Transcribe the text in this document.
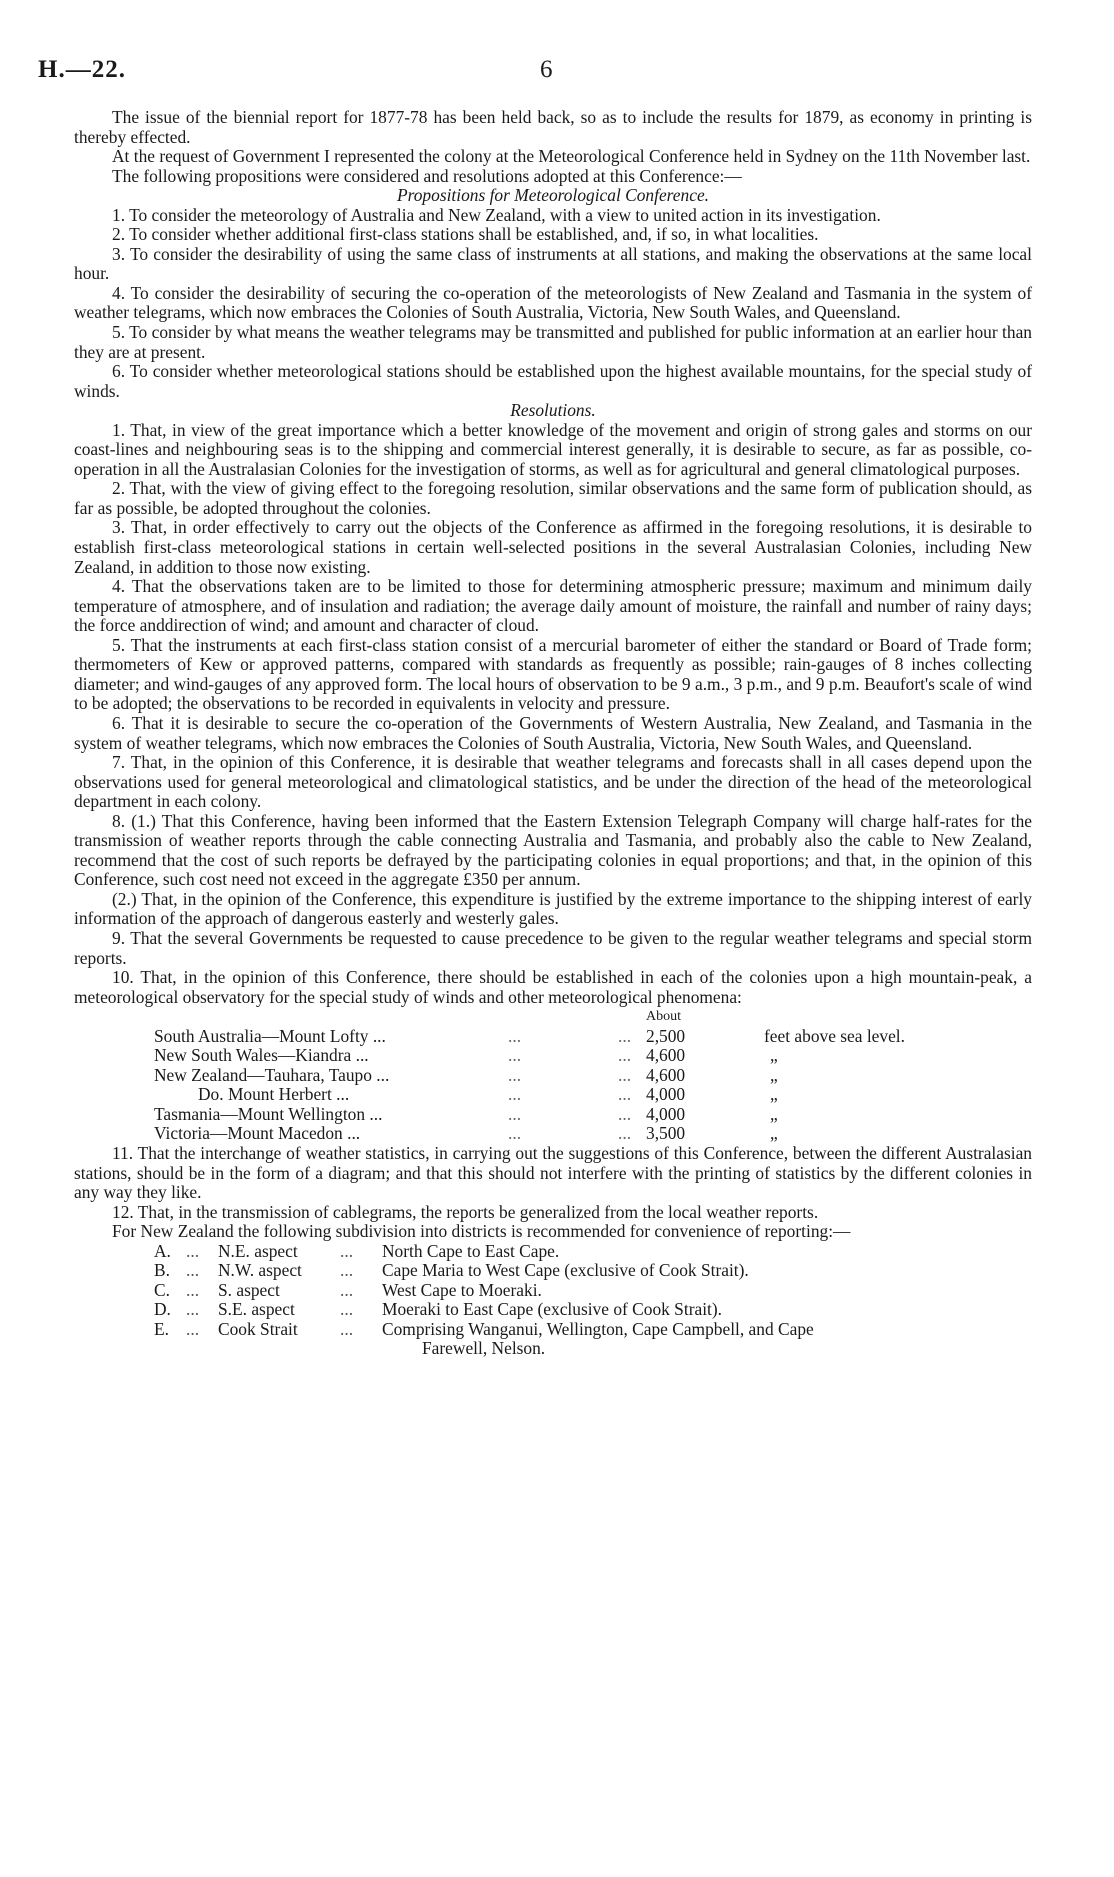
H.—22.	6

The issue of the biennial report for 1877-78 has been held back, so as to include the results for 1879, as economy in printing is thereby effected.

At the request of Government I represented the colony at the Meteorological Conference held in Sydney on the 11th November last.

The following propositions were considered and resolutions adopted at this Conference:—

Propositions for Meteorological Conference.

1. To consider the meteorology of Australia and New Zealand, with a view to united action in its investigation.

2. To consider whether additional first-class stations shall be established, and, if so, in what localities.

3. To consider the desirability of using the same class of instruments at all stations, and making the observations at the same local hour.

4. To consider the desirability of securing the co-operation of the meteorologists of New Zealand and Tasmania in the system of weather telegrams, which now embraces the Colonies of South Australia, Victoria, New South Wales, and Queensland.

5. To consider by what means the weather telegrams may be transmitted and published for public information at an earlier hour than they are at present.

6. To consider whether meteorological stations should be established upon the highest available mountains, for the special study of winds.

Resolutions.

1. That, in view of the great importance which a better knowledge of the movement and origin of strong gales and storms on our coast-lines and neighbouring seas is to the shipping and commercial interest generally, it is desirable to secure, as far as possible, co-operation in all the Australasian Colonies for the investigation of storms, as well as for agricultural and general climatological purposes.

2. That, with the view of giving effect to the foregoing resolution, similar observations and the same form of publication should, as far as possible, be adopted throughout the colonies.

3. That, in order effectively to carry out the objects of the Conference as affirmed in the foregoing resolutions, it is desirable to establish first-class meteorological stations in certain well-selected positions in the several Australasian Colonies, including New Zealand, in addition to those now existing.

4. That the observations taken are to be limited to those for determining atmospheric pressure; maximum and minimum daily temperature of atmosphere, and of insulation and radiation; the average daily amount of moisture, the rainfall and number of rainy days; the force anddirection of wind; and amount and character of cloud.

5. That the instruments at each first-class station consist of a mercurial barometer of either the standard or Board of Trade form; thermometers of Kew or approved patterns, compared with standards as frequently as possible; rain-gauges of 8 inches collecting diameter; and wind-gauges of any approved form. The local hours of observation to be 9 a.m., 3 p.m., and 9 p.m. Beaufort's scale of wind to be adopted; the observations to be recorded in equivalents in velocity and pressure.

6. That it is desirable to secure the co-operation of the Governments of Western Australia, New Zealand, and Tasmania in the system of weather telegrams, which now embraces the Colonies of South Australia, Victoria, New South Wales, and Queensland.

7. That, in the opinion of this Conference, it is desirable that weather telegrams and forecasts shall in all cases depend upon the observations used for general meteorological and climatological statistics, and be under the direction of the head of the meteorological department in each colony.

8. (1.) That this Conference, having been informed that the Eastern Extension Telegraph Company will charge half-rates for the transmission of weather reports through the cable connecting Australia and Tasmania, and probably also the cable to New Zealand, recommend that the cost of such reports be defrayed by the participating colonies in equal proportions; and that, in the opinion of this Conference, such cost need not exceed in the aggregate £350 per annum.

(2.) That, in the opinion of the Conference, this expenditure is justified by the extreme importance to the shipping interest of early information of the approach of dangerous easterly and westerly gales.

9. That the several Governments be requested to cause precedence to be given to the regular weather telegrams and special storm reports.

10. That, in the opinion of this Conference, there should be established in each of the colonies upon a high mountain-peak, a meteorological observatory for the special study of winds and other meteorological phenomena:

			About	
South Australia—Mount Lofty ...	...	...	2,500	feet above sea level.
New South Wales—Kiandra ...	...	...	4,600	„
New Zealand—Tauhara, Taupo ...	...	...	4,600	„
Do. Mount Herbert ...	...	...	4,000	„
Tasmania—Mount Wellington ...	...	...	4,000	„
Victoria—Mount Macedon ...	...	...	3,500	„

11. That the interchange of weather statistics, in carrying out the suggestions of this Conference, between the different Australasian stations, should be in the form of a diagram; and that this should not interfere with the printing of statistics by the different colonies in any way they like.

12. That, in the transmission of cablegrams, the reports be generalized from the local weather reports.

For New Zealand the following subdivision into districts is recommended for convenience of reporting:—

A.	...	N.E. aspect	...	North Cape to East Cape.
B.	...	N.W. aspect	...	Cape Maria to West Cape (exclusive of Cook Strait).
C.	...	S. aspect	...	West Cape to Moeraki.
D.	...	S.E. aspect	...	Moeraki to East Cape (exclusive of Cook Strait).
E.	...	Cook Strait	...	Comprising Wanganui, Wellington, Cape Campbell, and Cape
Farewell, Nelson.
